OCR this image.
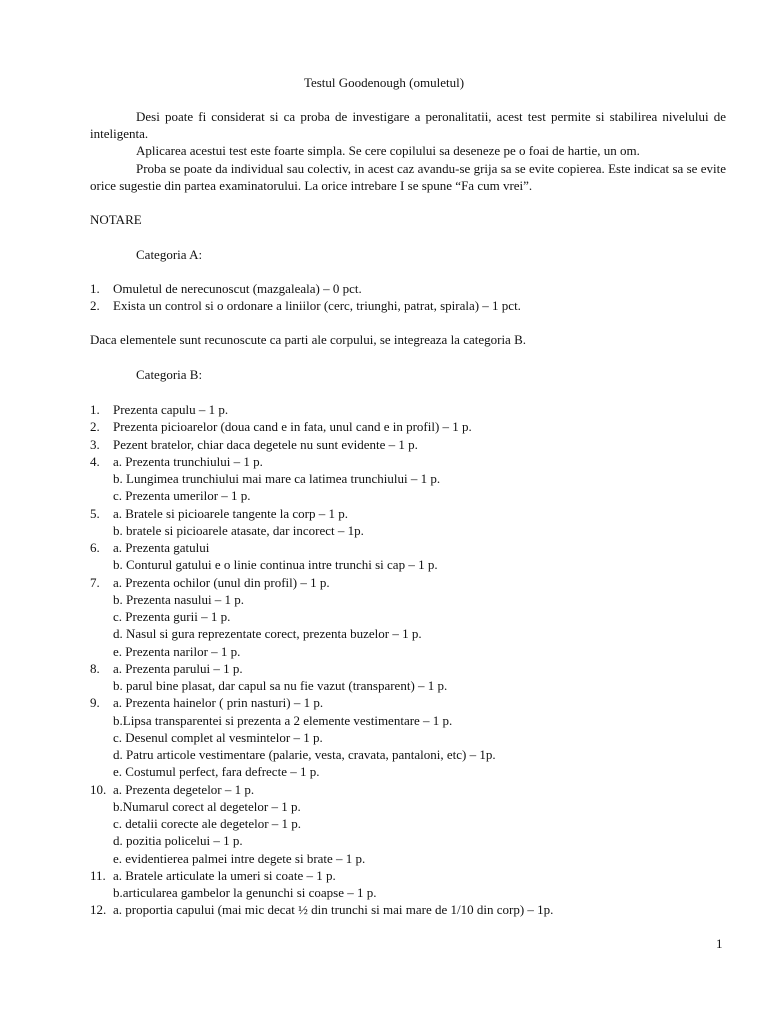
Testul Goodenough (omuletul)
Desi poate fi considerat si ca proba de investigare a peronalitatii, acest test permite si stabilirea nivelului de inteligenta.
Aplicarea acestui test este foarte simpla. Se cere copilului sa deseneze pe o foai de hartie, un om.
Proba se poate da individual sau colectiv, in acest caz avandu-se grija sa se evite copierea. Este indicat sa se evite orice sugestie din partea examinatorului. La orice intrebare I se spune “Fa cum vrei”.
NOTARE
Categoria A:
1. Omuletul de nerecunoscut (mazgaleala) – 0 pct.
2. Exista un control si o ordonare a liniilor (cerc, triunghi, patrat, spirala) – 1 pct.
Daca elementele sunt recunoscute ca parti ale corpului, se integreaza la categoria B.
Categoria B:
1. Prezenta capulu – 1 p.
2. Prezenta picioarelor (doua cand e in fata, unul cand e in profil) – 1 p.
3. Pezent bratelor, chiar daca degetele nu sunt evidente – 1 p.
4. a. Prezenta trunchiului – 1 p.
b. Lungimea trunchiului mai mare ca latimea trunchiului – 1 p.
c. Prezenta umerilor – 1 p.
5. a. Bratele si picioarele tangente la corp – 1 p.
b. bratele si picioarele atasate, dar incorect – 1p.
6. a. Prezenta gatului
b. Conturul gatului e o linie continua intre trunchi si cap – 1 p.
7. a. Prezenta ochilor (unul din profil) – 1 p.
b. Prezenta nasului – 1 p.
c. Prezenta gurii – 1 p.
d. Nasul si gura reprezentate corect, prezenta buzelor – 1 p.
e. Prezenta narilor – 1 p.
8. a. Prezenta parului – 1 p.
b. parul bine plasat, dar capul sa nu fie vazut (transparent) – 1 p.
9. a. Prezenta hainelor ( prin nasturi) – 1 p.
b.Lipsa transparentei si prezenta a 2 elemente vestimentare – 1 p.
c. Desenul complet al vesmintelor – 1 p.
d. Patru articole vestimentare (palarie, vesta, cravata, pantaloni, etc) – 1p.
e. Costumul perfect, fara defrecte – 1 p.
10. a. Prezenta degetelor – 1 p.
b.Numarul corect al degetelor – 1 p.
c. detalii corecte ale degetelor – 1 p.
d. pozitia policelui – 1 p.
e. evidentierea palmei intre degete si brate – 1 p.
11. a. Bratele articulate la umeri si coate – 1 p.
b.articularea gambelor la genunchi si coapse – 1 p.
12. a. proportia capului (mai mic decat ½ din trunchi si mai mare de 1/10 din corp) – 1p.
1
